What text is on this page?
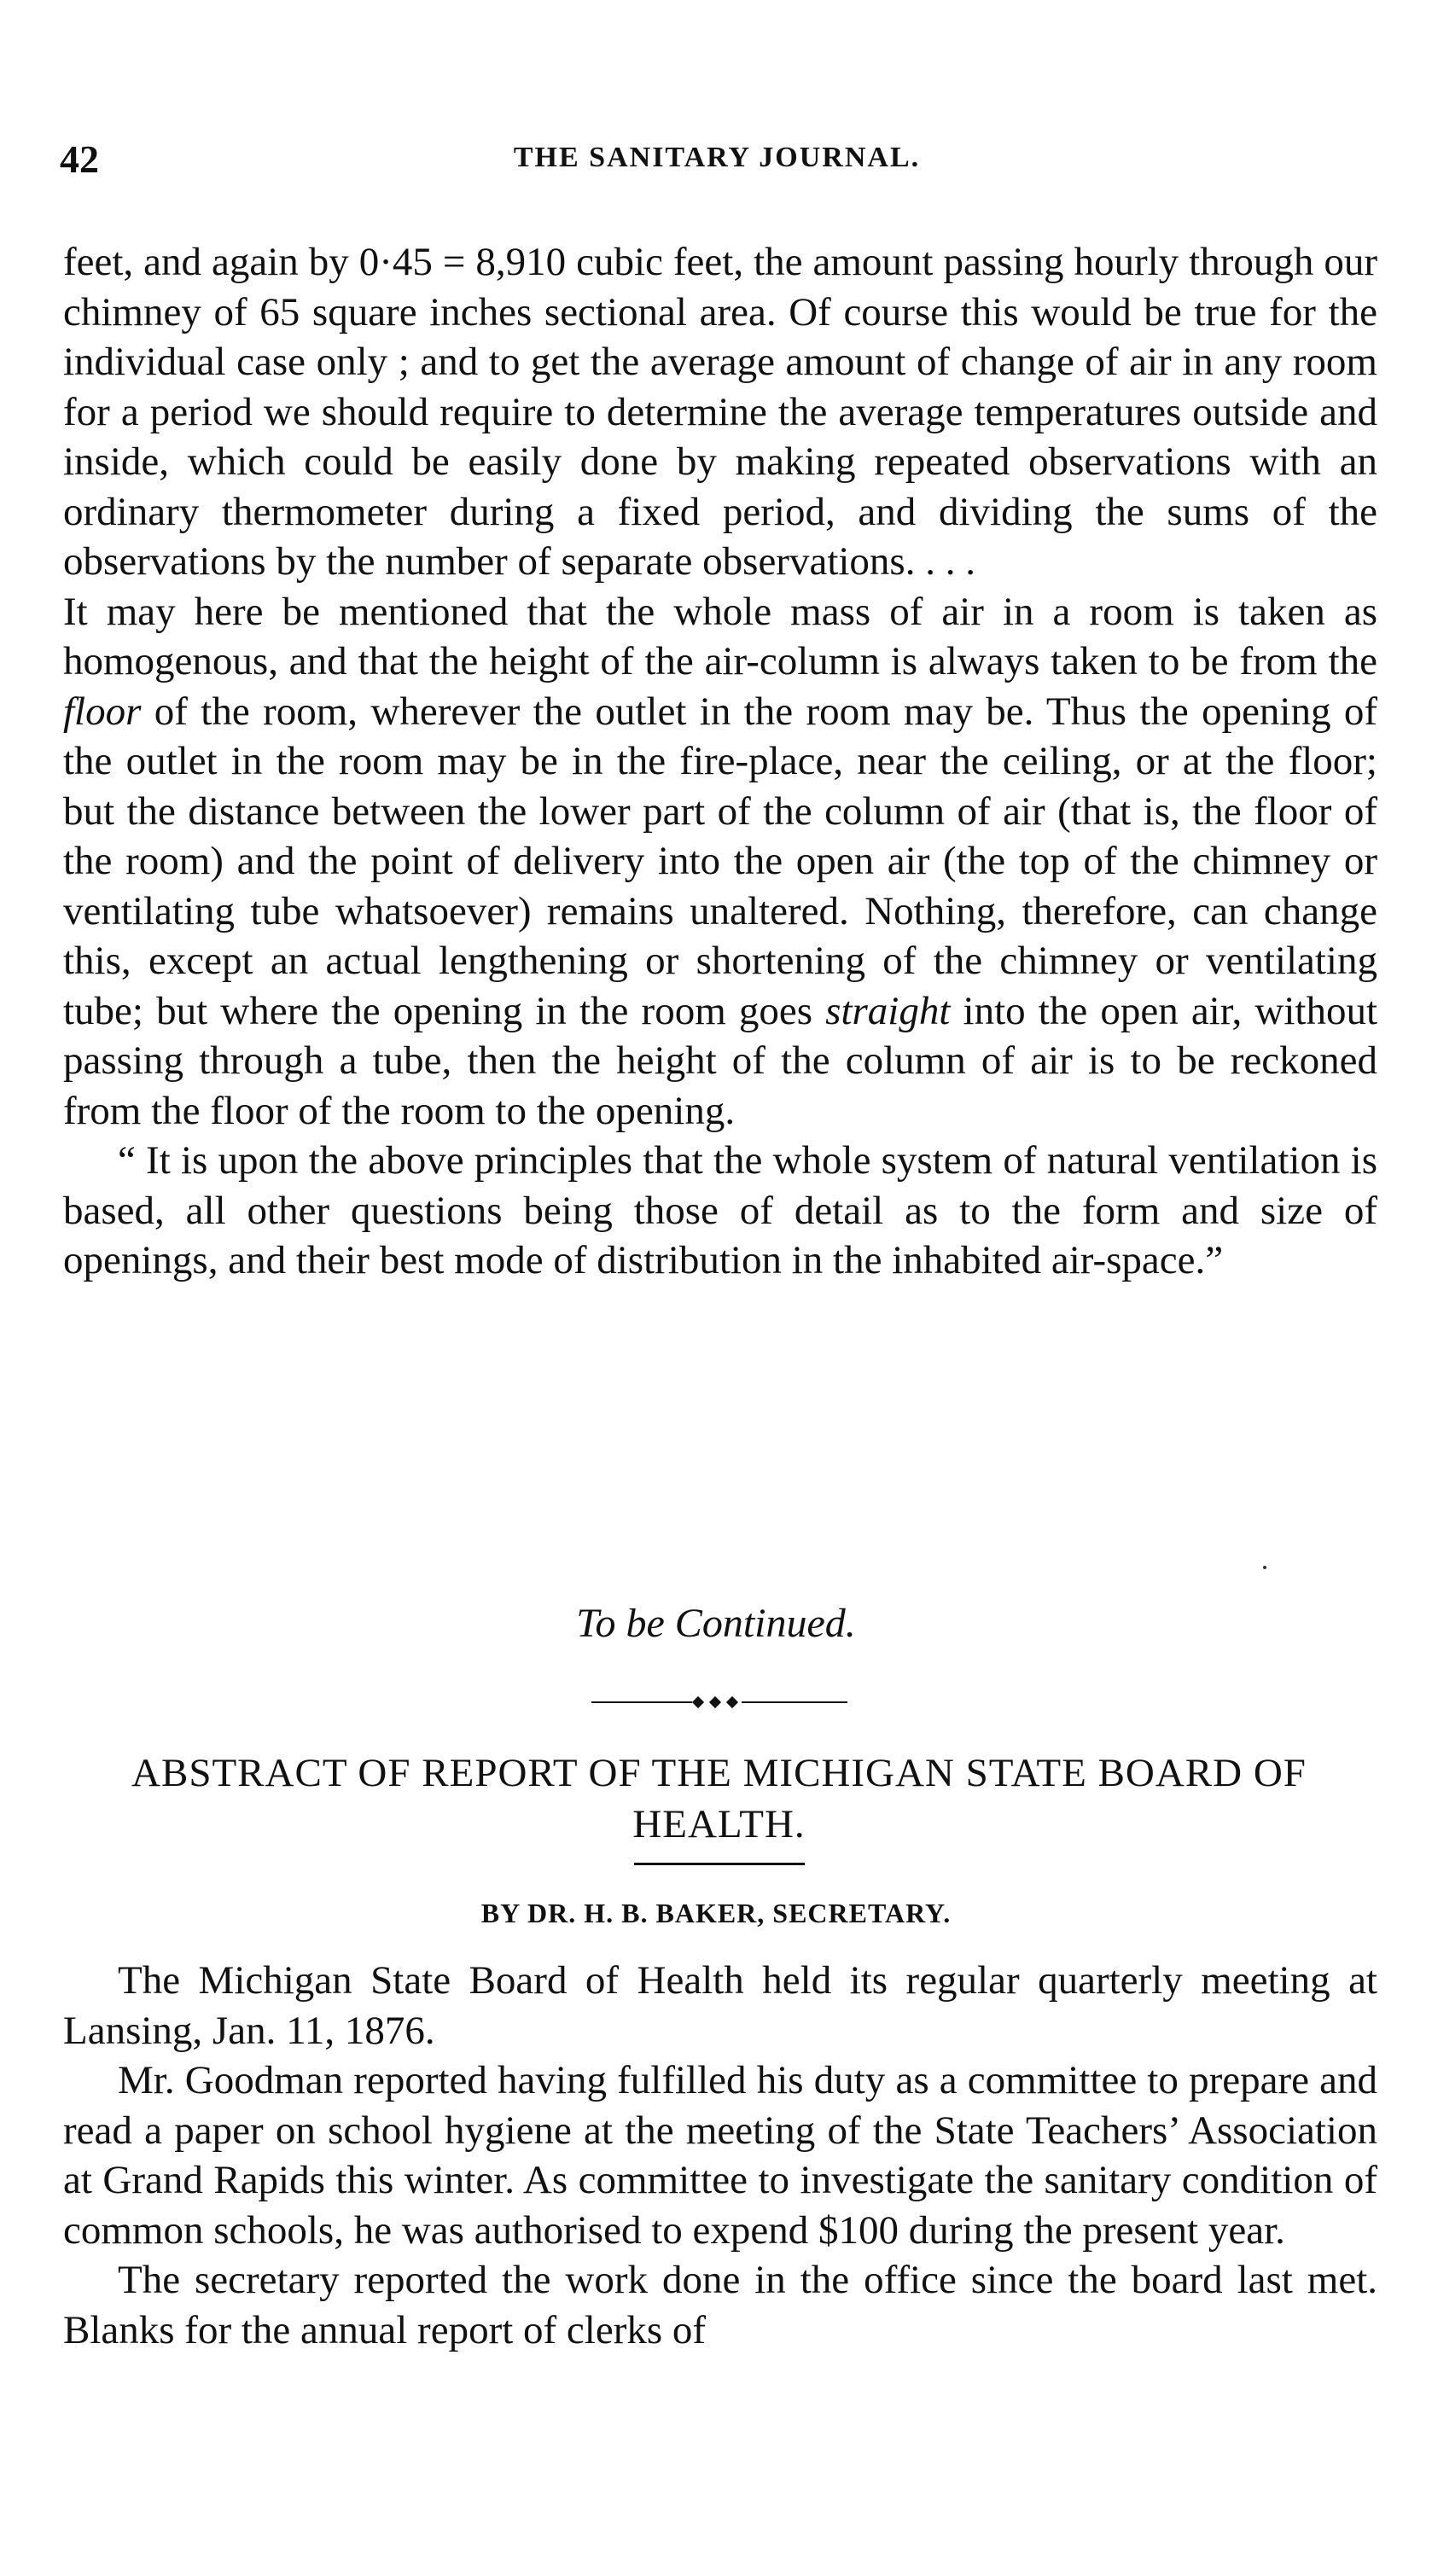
42	THE SANITARY JOURNAL.

feet, and again by 0·45 = 8,910 cubic feet, the amount passing hourly through our chimney of 65 square inches sectional area. Of course this would be true for the individual case only ; and to get the average amount of change of air in any room for a period we should require to determine the average temperatures outside and inside, which could be easily done by making repeated observations with an ordinary thermometer during a fixed period, and dividing the sums of the observations by the number of separate observations. . . .

It may here be mentioned that the whole mass of air in a room is taken as homogenous, and that the height of the air-column is always taken to be from the floor of the room, wherever the outlet in the room may be. Thus the opening of the outlet in the room may be in the fire-place, near the ceiling, or at the floor; but the distance between the lower part of the column of air (that is, the floor of the room) and the point of delivery into the open air (the top of the chimney or ventilating tube whatsoever) remains unaltered. Nothing, therefore, can change this, except an actual lengthening or shortening of the chimney or ventilating tube; but where the opening in the room goes straight into the open air, without passing through a tube, then the height of the column of air is to be reckoned from the floor of the room to the opening.

“ It is upon the above principles that the whole system of natural ventilation is based, all other questions being those of detail as to the form and size of openings, and their best mode of distribution in the inhabited air-space.”

To be Continued.
ABSTRACT OF REPORT OF THE MICHIGAN STATE BOARD OF HEALTH.
BY DR. H. B. BAKER, SECRETARY.

The Michigan State Board of Health held its regular quarterly meeting at Lansing, Jan. 11, 1876.

Mr. Goodman reported having fulfilled his duty as a committee to prepare and read a paper on school hygiene at the meeting of the State Teachers’ Association at Grand Rapids this winter. As committee to investigate the sanitary condition of common schools, he was authorised to expend $100 during the present year.

The secretary reported the work done in the office since the board last met. Blanks for the annual report of clerks of
